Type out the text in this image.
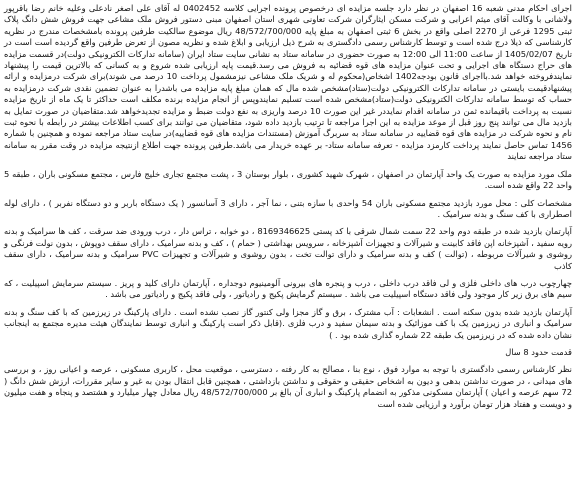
اجرای احکام مدنی شعبه 16 اصفهان در نظر دارد جلسه مزایده ای درخصوص پرونده اجرایی کلاسه 0402452 له آقای علی اصغر نادعلی وعلیه خانم رضا باقرپور ولاشانی با وکالت آقای میثم اعرابی و شرکت مسکن ایثارگران شرکت تعاونی شهری استان اصفهان مبنی دستور فروش ملک مشاعی جهت فروش شش دانگ پلاک ثبتی 1295 فرعی از 2270 اصلی واقع در بخش 6 ثبتی اصفهان به مبلغ پایه 48/572/700/000 ریال موضوع سالکیت طرفین پرونده بامشخصات مندرج در نظریه کارشناسی که ذیلا درج شده است و توسط کارشناس رسمی دادگستری به شرح ذیل ارزیابی و ابلاغ شده و نظریه مصون از تعرض طرفین واقع گردیده است است در تاریخ 1405/02/07 از ساعت 11:00 الی 12:00 به صورت حضوری در سامانه ستاد به نشانی سایت ستاد ایران (سامانه تدارکات الکترونیکی دولت)در قسمت مزایده های حراج دستگاه های اجرایی و تحت عنوان مزایده های قوه قضائیه به فروش می رسد.قیمت پایه ارزیابی شده شروع و به کسانی که بالاترین قیمت را پیشنهاد نمایندفروخته خواهد شد.بااجرای قانون بودجه1402 اشخاص(محکوم له و شریک ملک مشاعی نیزمشمول پرداخت 10 درصد می شوند)برای شرکت درمزایده و ارائه پیشنهادقیمت بایستی در سامانه تدارکات الکترونیکی دولت(ستاد)مشخص شده مال که همان مبلغ پایه مزایده می باشدرا به عنوان تضمین نقدی شرکت درمزایده به حساب که توسط سامانه تدارکات الکترونیکی دولت(ستاد)مشخص شده است تسلیم نمایندوپس از انجام مزایده برنده مکلف است حداکثر تا یک ماه از تاریخ مزایده نسبت به پرداخت باقیمانده ثمن در سامانه اقدام نمایددر غیر این صورت 10 درصد واریزی به نفع دولت ضبط و مزایده تجدیدخواهد شد.متقاضیان در صورت تمایل به بازدید مال می توانند پنج روز قبل از موعد مزایده به این اجرا مراجعه تا ترتیب بازدید داده شود، متقاضیان می توانند برای کسب اطلاعات بیشتر در رابطه با نحوه ثبت نام و نحوه شرکت در مزایده های قوه قضاییه در سامانه ستاد به سربرگ آموزش (مستندات مزایده های قوه قضاییه)در سایت ستاد مراجعه نموده و همچنین با شماره 1456 تماس حاصل نمایند پرداخت کارمزد مزایده - تعرفه سامانه ستاد- بر عهده خریدار می باشد.طرفین پرونده جهت اطلاع ازنتیجه مزایده در وقت مقرر به سامانه ستاد مراجعه نمایند

ملک مورد مزایده به صورت یک واحد آپارتمان در اصفهان ، شهرک شهید کشوری ، بلوار بوستان 3 ، پشت مجتمع تجاری خلیج فارس ، مجتمع مسکونی باران ، طبقه 5 واحد 22 واقع شده است.

مشخصات کلی : محل مورد بازدید مجتمع مسکونی باران 54 واحدی با سازه بتنی ، نما آجر ، دارای 3 آسانسور ( یک دستگاه باربر و دو دستگاه نفربر ) ، دارای لوله اصطراری با کف سنگ و بدنه سرامیک .

آپارتمان بازدید شده در طبقه دوم واحد 22 سمت شمال شرقی با کد پستی 8169346625 ، دو خوابه ، تراس دار ، درب ورودی ضد سرقت ، کف ها سرامیک و بدنه رویه سفید ، آشپزخانه اپن فاقد کابینت و شیرآلات و تجهیزات آشپزخانه ، سرویس بهداشتی ( حمام ) ، کف و بدنه سرامیک ، دارای سقف دوپوش ، بدون نولت فرنگی و روشوی و شیرآلات مربوطه ، (توالت ) کف و بدنه سرامیک و دارای توالت تخت ، بدون روشوی و شیرآلات و تجهیزات PVC سرامیک و بدنه سرامیک ، دارای سقف کاذب

چهارچوب درب های داخلی فلزی و لی فاقد درب داخلی ، درب و پنجره های بیرونی آلومینیوم دوجداره ، آپارتمان دارای کلید و پریز . سیستم سرمایش اسپیلیت ، که سیم های برق زیر کار موجود ولی فاقد دستگاه اسپیلیت می باشد . سیستم گرمایش پکیج و رادیاتور ، ولی فاقد پکیج و رادیاتور می باشد .

آپارتمان بازدید شده بدون سکنه است . انشعابات : آب مشترک ، برق و گاز مجزا ولی کنتور گاز نصب نشده است . دارای پارکینگ در زیرزمین که با کف سنگ و بدنه سرامیک و انباری در زیرزمین یک با کف موزائیک و بدنه سیمان سفید و درب فلزی .(قابل ذکر است پارکینگ و انباری توسط نمایندگان هیئت مدیره مجتمع به اینجانب نشان داده شده که در زیرزمین یک طبقه 22 شماره گذاری شده بود . )

قدمت حدود 8 سال

نظر کارشناس رسمی دادگستری با توجه به موارد فوق ، نوع بنا ، مصالح به کار رفته ، دسترسی ، موقعیت محل ، کاربری مسکونی ، عرصه و اعیانی روز ، و بررسی های میدانی ، در صورت نداشتن بدهی و دیون به اشخاص حقیقی و حقوقی و نداشتن بازداشتی ، همچنین قابل انتقال بودن به غیر و سایر مقررات، ارزش شش دانگ ( 72 سهم عرصه و اعیان ) آپارتمان مسکونی مذکور به انضمام پارکینگ و انباری آن بالغ بر 48/572/700/000 ریال معادل چهار میلیارد و هشتصد و پنجاه و هفت میلیون و دویست و هفتاد هزار تومان برآورد و ارزیابی شده است
